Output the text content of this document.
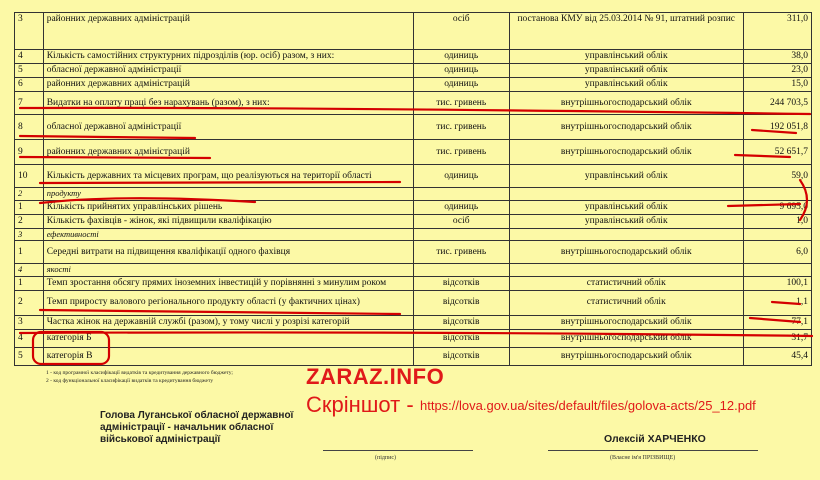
3	районних державних адміністрацій	осіб	постанова КМУ від 25.03.2014 № 91, штатний розпис	311,0
4	Кількість самостійних структурних підрозділів (юр. осіб) разом, з них:	одиниць	управлінський облік	38,0
5	обласної державної адміністрації	одиниць	управлінський облік	23,0
6	районних державних адміністрацій	одиниць	управлінський облік	15,0
7	Видатки на оплату праці без нарахувань (разом), з них:	тис. гривень	внутрішньогосподарський облік	244 703,5
8	обласної державної адміністрації	тис. гривень	внутрішньогосподарський облік	192 051,8
9	районних державних адміністрацій	тис. гривень	внутрішньогосподарський облік	52 651,7
10	Кількість державних та місцевих програм, що реалізуються на території області	одиниць	управлінський облік	59,0
2	продукту			
1	Кількість прийнятих управлінських рішень	одиниць	управлінський облік	9 695,0
2	Кількість фахівців - жінок, які підвищили кваліфікацію	осіб	управлінський облік	1,0
3	ефективності			
1	Середні витрати на підвищення кваліфікації одного фахівця	тис. гривень	внутрішньогосподарський облік	6,0
4	якості			
1	Темп зростання обсягу прямих іноземних інвестицій у порівнянні з минулим роком	відсотків	статистичний облік	100,1
2	Темп приросту валового регіонального продукту області (у фактичних цінах)	відсотків	статистичний облік	1,1
3	Частка жінок на державній службі (разом), у тому числі у розрізі категорій	відсотків	внутрішньогосподарський облік	77,1
4	категорія Б	відсотків	внутрішньогосподарський облік	31,7
5	категорія В	відсотків	внутрішньогосподарський облік	45,4
1 - код програмної класифікації видатків та кредитування державного бюджету;
2 - код функціональної класифікації видатків та кредитування бюджету
Голова Луганської обласної державної адміністрації - начальник обласної військової адміністрації
(підпис)
Олексій ХАРЧЕНКО
(Власне ім'я ПРІЗВИЩЕ)
ZARAZ.INFO
Скріншот - https://lova.gov.ua/sites/default/files/golova-acts/25_12.pdf
